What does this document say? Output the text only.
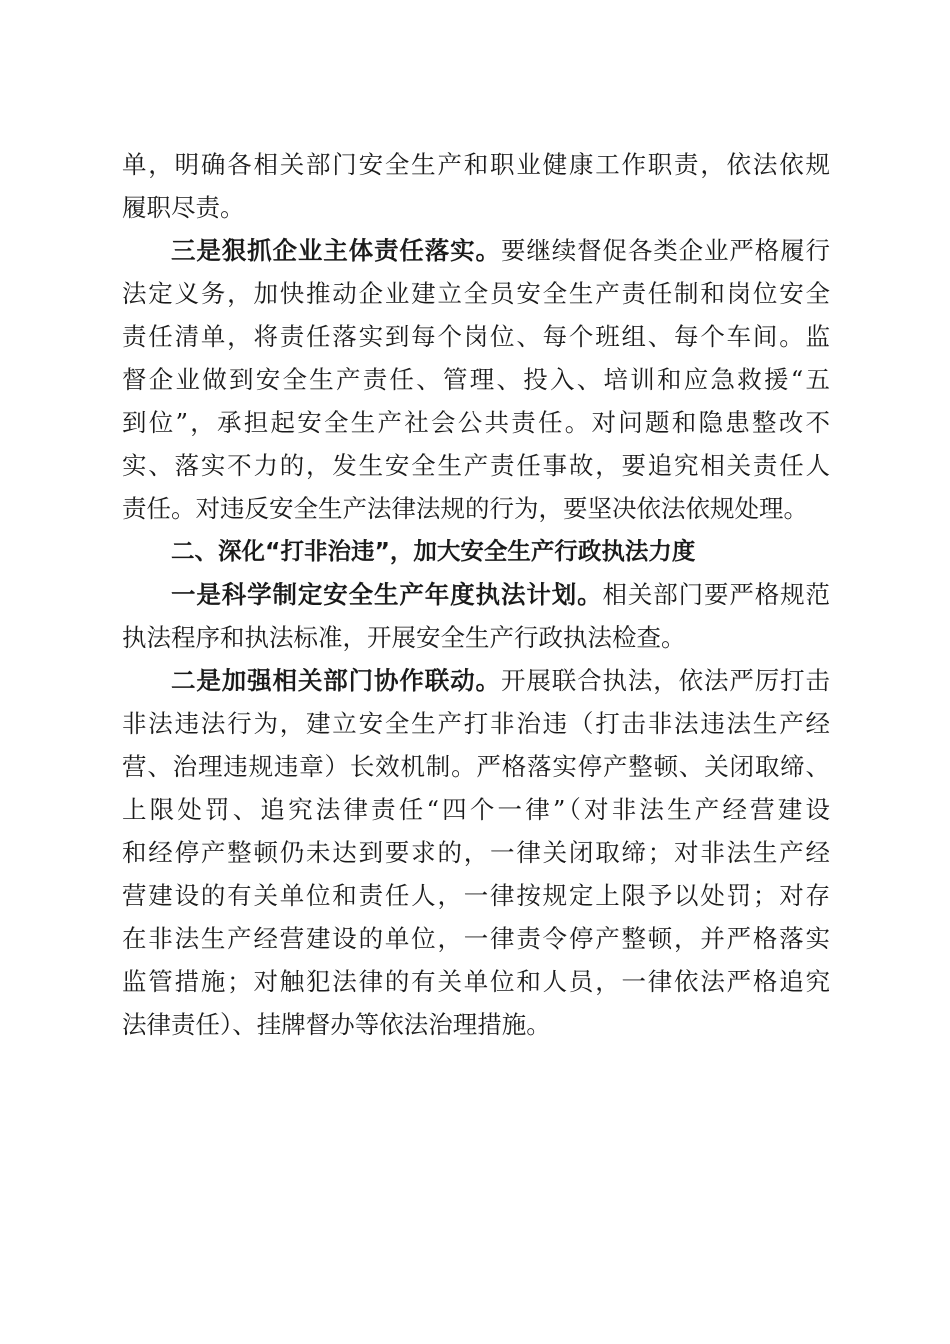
单，明确各相关部门安全生产和职业健康工作职责，依法依规
履职尽责。
三是狠抓企业主体责任落实。要继续督促各类企业严格履行
法定义务，加快推动企业建立全员安全生产责任制和岗位安全
责任清单，将责任落实到每个岗位、每个班组、每个车间。监
督企业做到安全生产责任、管理、投入、培训和应急救援“五
到位”，承担起安全生产社会公共责任。对问题和隐患整改不
实、落实不力的，发生安全生产责任事故，要追究相关责任人
责任。对违反安全生产法律法规的行为，要坚决依法依规处理。
二、深化“打非治违”，加大安全生产行政执法力度
一是科学制定安全生产年度执法计划。相关部门要严格规范
执法程序和执法标准，开展安全生产行政执法检查。
二是加强相关部门协作联动。开展联合执法，依法严厉打击
非法违法行为，建立安全生产打非治违（打击非法违法生产经
营、治理违规违章）长效机制。严格落实停产整顿、关闭取缔、
上限处罚、追究法律责任“四个一律”（对非法生产经营建设
和经停产整顿仍未达到要求的，一律关闭取缔；对非法生产经
营建设的有关单位和责任人，一律按规定上限予以处罚；对存
在非法生产经营建设的单位，一律责令停产整顿，并严格落实
监管措施；对触犯法律的有关单位和人员，一律依法严格追究
法律责任）、挂牌督办等依法治理措施。
